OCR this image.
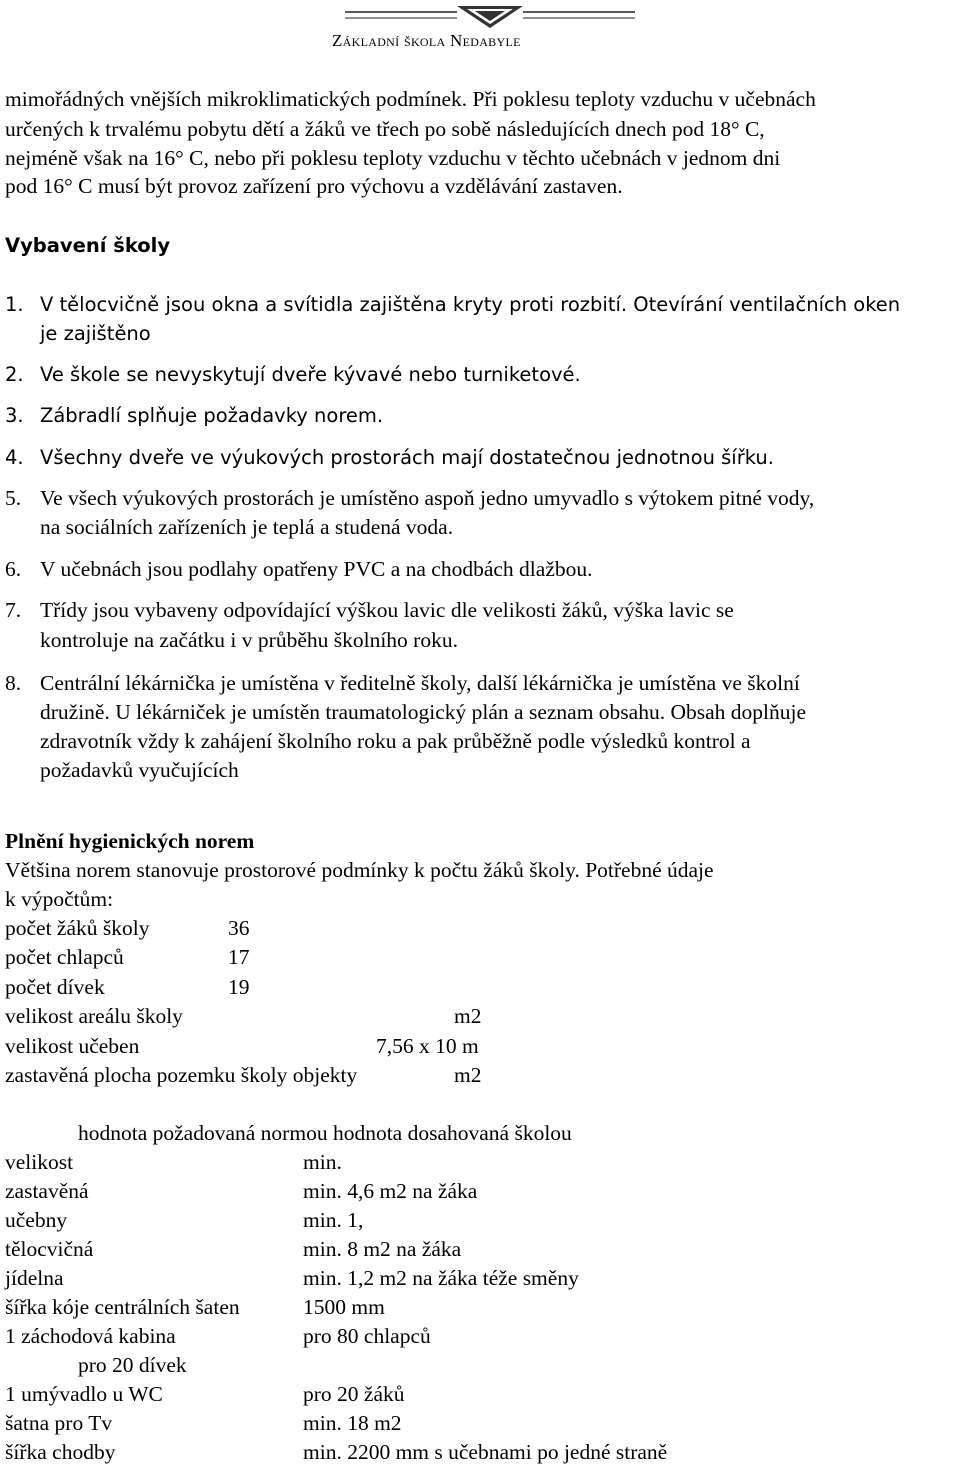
Základní škola Nedabyle
mimořádných vnějších mikroklimatických podmínek. Při poklesu teploty vzduchu v učebnách
určených k trvalému pobytu dětí a žáků ve třech po sobě následujících dnech pod 18° C,
nejméně však na 16° C, nebo při poklesu teploty vzduchu v těchto učebnách v jednom dni
pod 16° C musí být provoz zařízení pro výchovu a vzdělávání zastaven.
Vybavení školy
1. V tělocvičně jsou okna a svítidla zajištěna kryty proti rozbití. Otevírání ventilačních oken
je zajištěno
2. Ve škole se nevyskytují dveře kývavé nebo turniketové.
3. Zábradlí splňuje požadavky norem.
4. Všechny dveře ve výukových prostorách mají dostatečnou jednotnou šířku.
5. Ve všech výukových prostorách je umístěno aspoň jedno umyvadlo s výtokem pitné vody,
na sociálních zařízeních je teplá a studená voda.
6. V učebnách jsou podlahy opatřeny PVC a na chodbách dlažbou.
7. Třídy jsou vybaveny odpovídající výškou lavic dle velikosti žáků, výška lavic se
kontroluje na začátku i v průběhu školního roku.
8. Centrální lékárnička je umístěna v ředitelně školy, další lékárnička je umístěna ve školní
družině. U lékárniček je umístěn traumatologický plán a seznam obsahu. Obsah doplňuje
zdravotník vždy k zahájení školního roku a pak průběžně podle výsledků kontrol a
požadavků vyučujících
Plnění hygienických norem
Většina norem stanovuje prostorové podmínky k počtu žáků školy. Potřebné údaje
k výpočtům:
počet žáků školy	36
počet chlapců	17
počet dívek	19
velikost areálu školy	m2
velikost učeben	7,56 x 10 m
zastavěná plocha pozemku školy objekty	m2
hodnota požadovaná normou hodnota dosahovaná školou
velikost	min.
zastavěná	min. 4,6 m2 na žáka
učebny	min. 1,
tělocvičná	min. 8 m2 na žáka
jídelna	min. 1,2 m2 na žáka téže směny
šířka kóje centrálních šaten	1500 mm
1 záchodová kabina	pro 80 chlapců
pro 20 dívek
1 umývadlo u WC	pro 20 žáků
šatna pro Tv	min. 18 m2
šířka chodby	min. 2200 mm s učebnami po jedné straně
